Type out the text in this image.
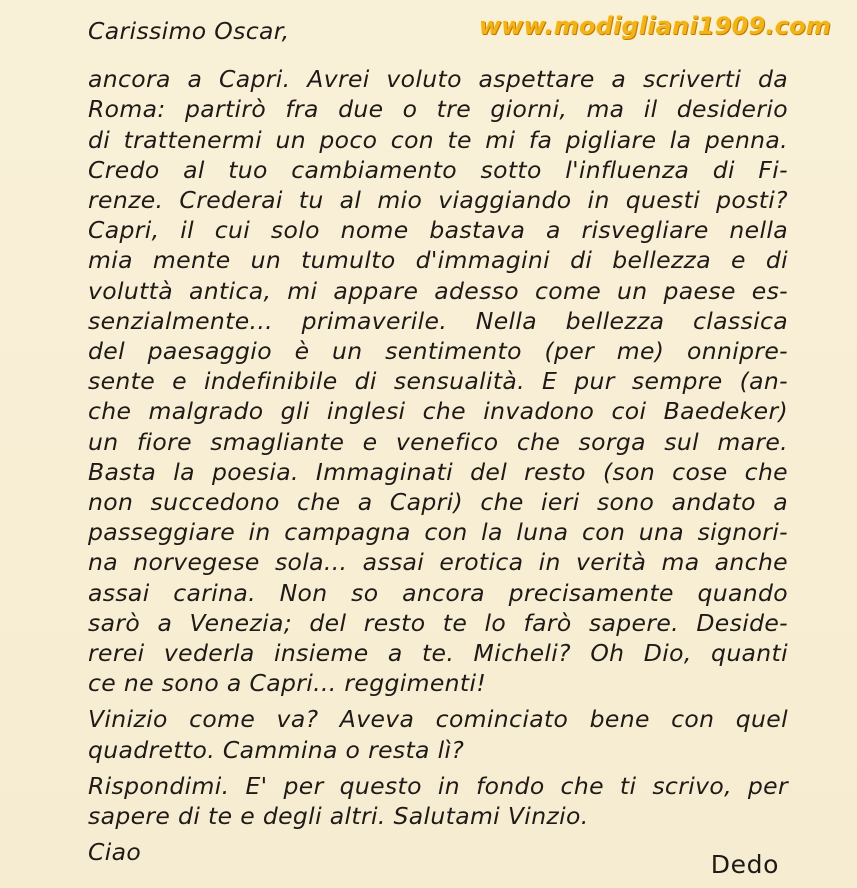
www.modigliani1909.com
Carissimo Oscar,
ancora a Capri. Avrei voluto aspettare a scriverti da
Roma: partirò fra due o tre giorni, ma il desiderio
di trattenermi un poco con te mi fa pigliare la penna.
Credo al tuo cambiamento sotto l'influenza di Fi-
renze. Crederai tu al mio viaggiando in questi posti?
Capri, il cui solo nome bastava a risvegliare nella
mia mente un tumulto d'immagini di bellezza e di
voluttà antica, mi appare adesso come un paese es-
senzialmente... primaverile. Nella bellezza classica
del paesaggio è un sentimento (per me) onnipre-
sente e indefinibile di sensualità. E pur sempre (an-
che malgrado gli inglesi che invadono coi Baedeker)
un fiore smagliante e venefico che sorga sul mare.
Basta la poesia. Immaginati del resto (son cose che
non succedono che a Capri) che ieri sono andato a
passeggiare in campagna con la luna con una signori-
na norvegese sola... assai erotica in verità ma anche
assai carina. Non so ancora precisamente quando
sarò a Venezia; del resto te lo farò sapere. Deside-
rerei vederla insieme a te. Micheli? Oh Dio, quanti
ce ne sono a Capri... reggimenti!
Vinizio come va? Aveva cominciato bene con quel
quadretto. Cammina o resta lì?
Rispondimi. E' per questo in fondo che ti scrivo, per
sapere di te e degli altri. Salutami Vinzio.
Ciao	Dedo
